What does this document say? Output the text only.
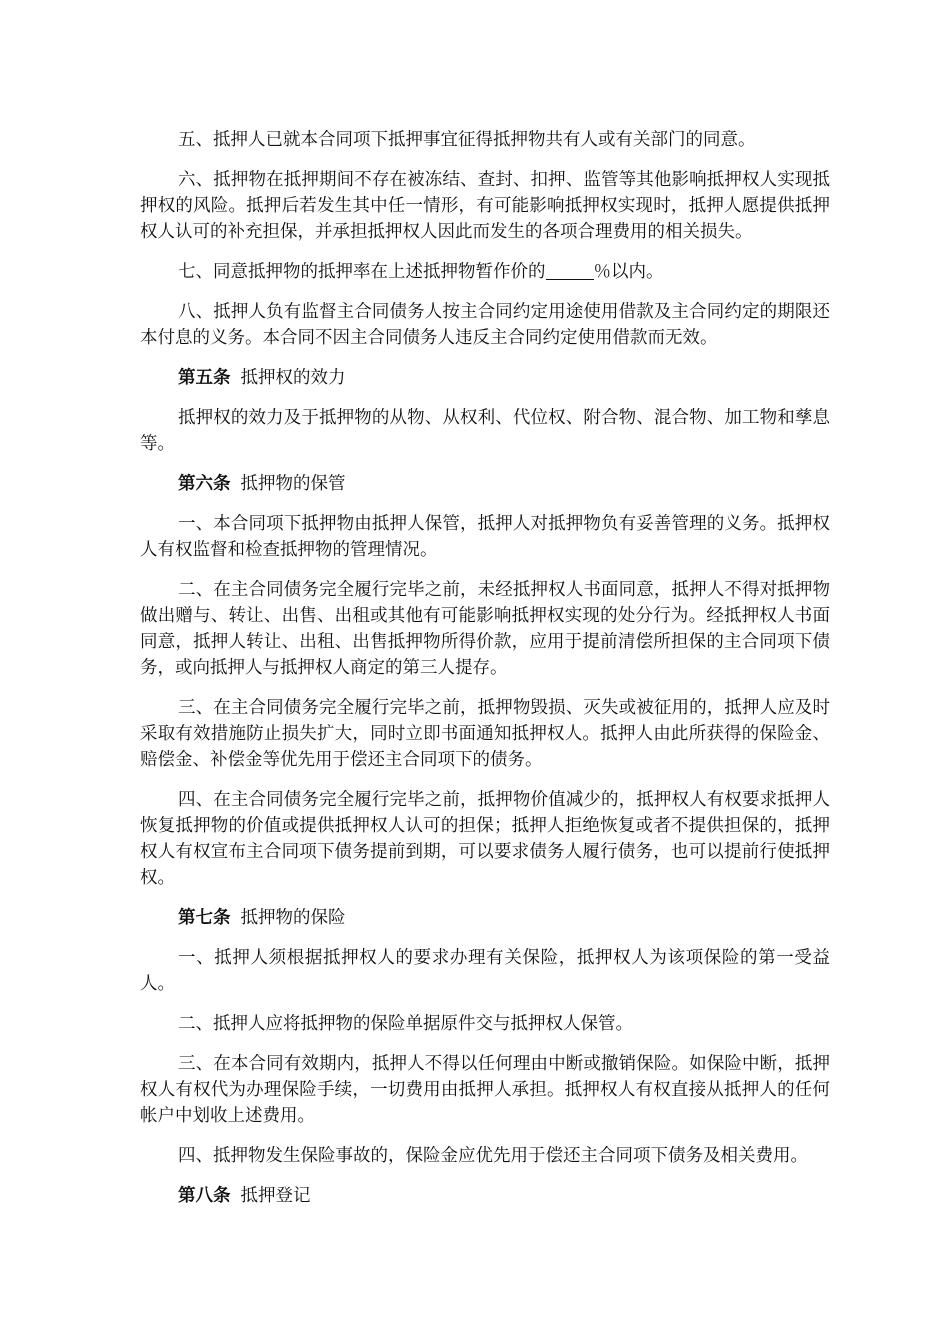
五、抵押人已就本合同项下抵押事宜征得抵押物共有人或有关部门的同意。

六、抵押物在抵押期间不存在被冻结、查封、扣押、监管等其他影响抵押权人实现抵押权的风险。抵押后若发生其中任一情形，有可能影响抵押权实现时，抵押人愿提供抵押权人认可的补充担保，并承担抵押权人因此而发生的各项合理费用的相关损失。

七、同意抵押物的抵押率在上述抵押物暂作价的	％以内。

八、抵押人负有监督主合同债务人按主合同约定用途使用借款及主合同约定的期限还本付息的义务。本合同不因主合同债务人违反主合同约定使用借款而无效。

第五条 抵押权的效力

抵押权的效力及于抵押物的从物、从权利、代位权、附合物、混合物、加工物和孳息等。

第六条 抵押物的保管

一、本合同项下抵押物由抵押人保管，抵押人对抵押物负有妥善管理的义务。抵押权人有权监督和检查抵押物的管理情况。

二、在主合同债务完全履行完毕之前，未经抵押权人书面同意，抵押人不得对抵押物做出赠与、转让、出售、出租或其他有可能影响抵押权实现的处分行为。经抵押权人书面同意，抵押人转让、出租、出售抵押物所得价款，应用于提前清偿所担保的主合同项下债务，或向抵押人与抵押权人商定的第三人提存。

三、在主合同债务完全履行完毕之前，抵押物毁损、灭失或被征用的，抵押人应及时采取有效措施防止损失扩大，同时立即书面通知抵押权人。抵押人由此所获得的保险金、赔偿金、补偿金等优先用于偿还主合同项下的债务。

四、在主合同债务完全履行完毕之前，抵押物价值减少的，抵押权人有权要求抵押人恢复抵押物的价值或提供抵押权人认可的担保；抵押人拒绝恢复或者不提供担保的，抵押权人有权宣布主合同项下债务提前到期，可以要求债务人履行债务，也可以提前行使抵押权。

第七条 抵押物的保险

一、抵押人须根据抵押权人的要求办理有关保险，抵押权人为该项保险的第一受益人。

二、抵押人应将抵押物的保险单据原件交与抵押权人保管。

三、在本合同有效期内，抵押人不得以任何理由中断或撤销保险。如保险中断，抵押权人有权代为办理保险手续，一切费用由抵押人承担。抵押权人有权直接从抵押人的任何帐户中划收上述费用。

四、抵押物发生保险事故的，保险金应优先用于偿还主合同项下债务及相关费用。

第八条 抵押登记
